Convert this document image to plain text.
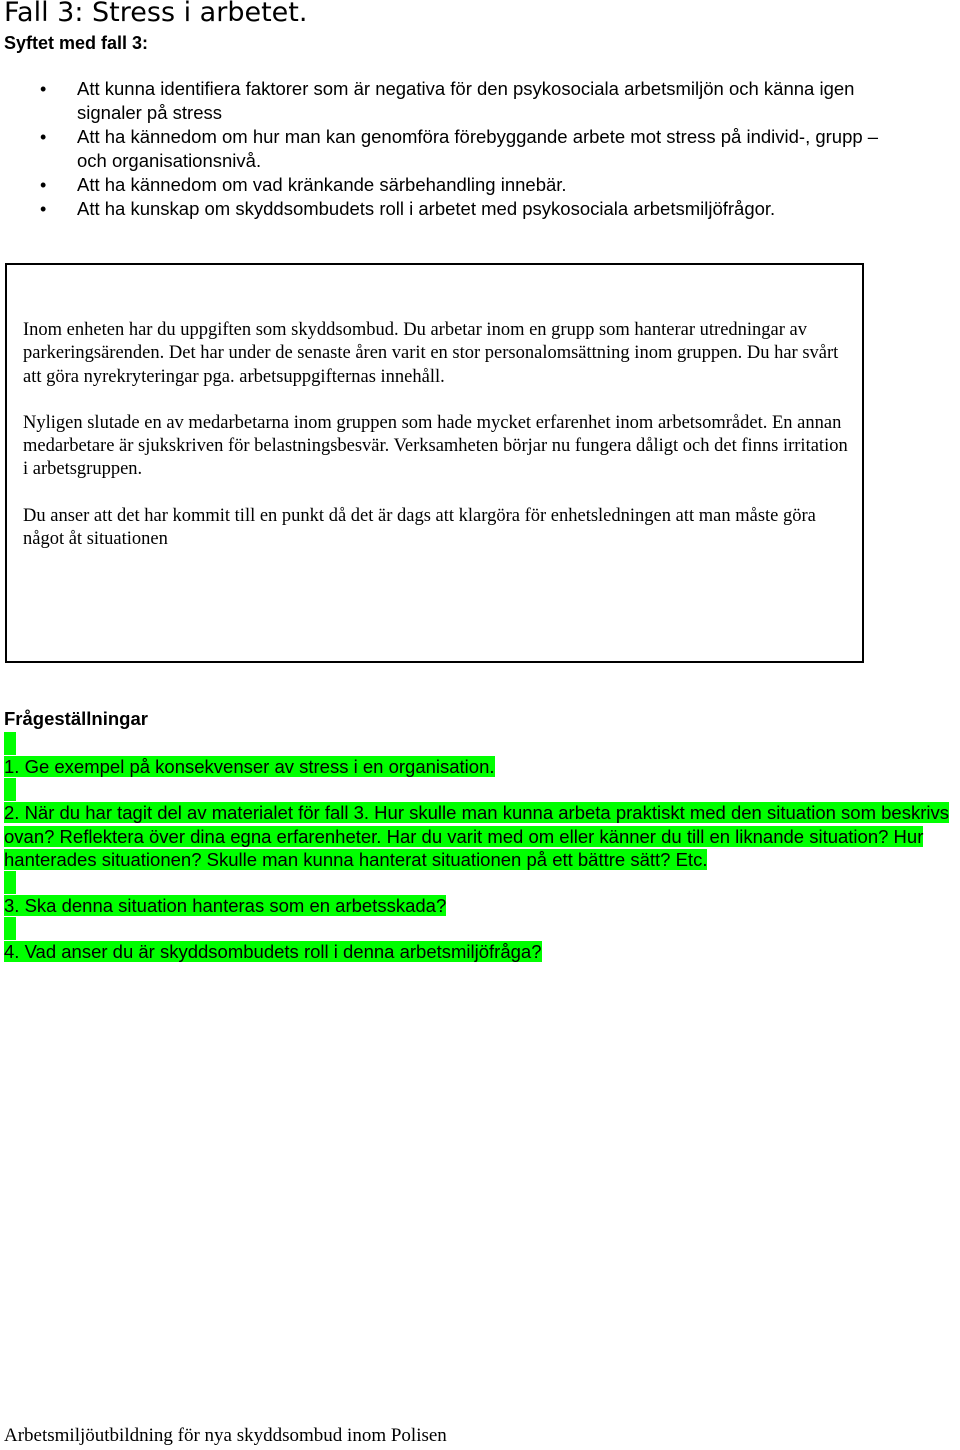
Fall 3: Stress i arbetet.
Syftet med fall 3:
• Att kunna identifiera faktorer som är negativa för den psykosociala arbetsmiljön och känna igen signaler på stress
• Att ha kännedom om hur man kan genomföra förebyggande arbete mot stress på individ-, grupp – och organisationsnivå.
• Att ha kännedom om vad kränkande särbehandling innebär.
• Att ha kunskap om skyddsombudets roll i arbetet med psykosociala arbetsmiljöfrågor.

Inom enheten har du uppgiften som skyddsombud. Du arbetar inom en grupp som hanterar utredningar av parkeringsärenden. Det har under de senaste åren varit en stor personalomsättning inom gruppen. Du har svårt att göra nyrekryteringar pga. arbetsuppgifternas innehåll.

Nyligen slutade en av medarbetarna inom gruppen som hade mycket erfarenhet inom arbetsområdet. En annan medarbetare är sjukskriven för belastningsbesvär. Verksamheten börjar nu fungera dåligt och det finns irritation i arbetsgruppen.

Du anser att det har kommit till en punkt då det är dags att klargöra för enhetsledningen att man måste göra något åt situationen

Frågeställningar

1. Ge exempel på konsekvenser av stress i en organisation.

2. När du har tagit del av materialet för fall 3. Hur skulle man kunna arbeta praktiskt med den situation som beskrivs ovan? Reflektera över dina egna erfarenheter. Har du varit med om eller känner du till en liknande situation? Hur hanterades situationen? Skulle man kunna hanterat situationen på ett bättre sätt? Etc.

3. Ska denna situation hanteras som en arbetsskada?

4. Vad anser du är skyddsombudets roll i denna arbetsmiljöfråga?

Arbetsmiljöutbildning för nya skyddsombud inom Polisen
